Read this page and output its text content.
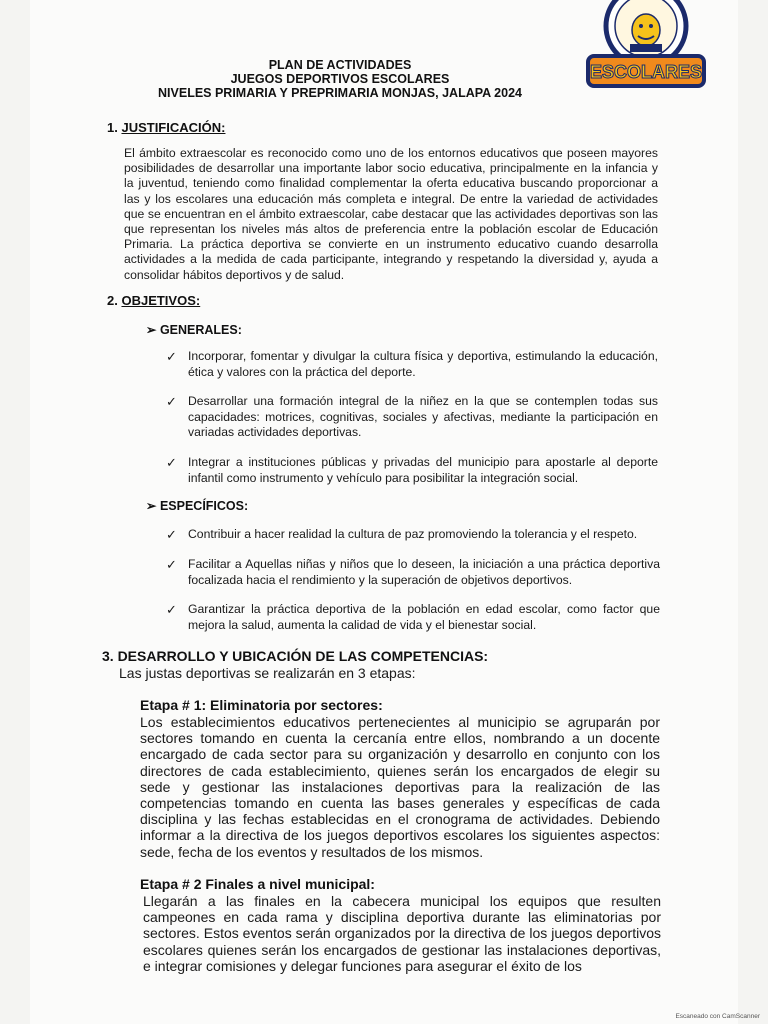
PLAN DE ACTIVIDADES
JUEGOS DEPORTIVOS ESCOLARES
NIVELES PRIMARIA Y PREPRIMARIA MONJAS, JALAPA 2024
ESCOLARES
1. JUSTIFICACIÓN:
El ámbito extraescolar es reconocido como uno de los entornos educativos que poseen mayores posibilidades de desarrollar una importante labor socio educativa, principalmente en la infancia y la juventud, teniendo como finalidad complementar la oferta educativa buscando proporcionar a las y los escolares una educación más completa e integral. De entre la variedad de actividades que se encuentran en el ámbito extraescolar, cabe destacar que las actividades deportivas son las que representan los niveles más altos de preferencia entre la población escolar de Educación Primaria. La práctica deportiva se convierte en un instrumento educativo cuando desarrolla actividades a la medida de cada participante, integrando y respetando la diversidad y, ayuda a consolidar hábitos deportivos y de salud.
2. OBJETIVOS:
➢ GENERALES:
✓ Incorporar, fomentar y divulgar la cultura física y deportiva, estimulando la educación, ética y valores con la práctica del deporte.
✓ Desarrollar una formación integral de la niñez en la que se contemplen todas sus capacidades: motrices, cognitivas, sociales y afectivas, mediante la participación en variadas actividades deportivas.
✓ Integrar a instituciones públicas y privadas del municipio para apostarle al deporte infantil como instrumento y vehículo para posibilitar la integración social.
➢ ESPECÍFICOS:
✓ Contribuir a hacer realidad la cultura de paz promoviendo la tolerancia y el respeto.
✓ Facilitar a Aquellas niñas y niños que lo deseen, la iniciación a una práctica deportiva focalizada hacia el rendimiento y la superación de objetivos deportivos.
✓ Garantizar la práctica deportiva de la población en edad escolar, como factor que mejora la salud, aumenta la calidad de vida y el bienestar social.
3. DESARROLLO Y UBICACIÓN DE LAS COMPETENCIAS:
Las justas deportivas se realizarán en 3 etapas:
Etapa # 1: Eliminatoria por sectores:
Los establecimientos educativos pertenecientes al municipio se agruparán por sectores tomando en cuenta la cercanía entre ellos, nombrando a un docente encargado de cada sector para su organización y desarrollo en conjunto con los directores de cada establecimiento, quienes serán los encargados de elegir su sede y gestionar las instalaciones deportivas para la realización de las competencias tomando en cuenta las bases generales y específicas de cada disciplina y las fechas establecidas en el cronograma de actividades. Debiendo informar a la directiva de los juegos deportivos escolares los siguientes aspectos: sede, fecha de los eventos y resultados de los mismos.
Etapa # 2 Finales a nivel municipal:
Llegarán a las finales en la cabecera municipal los equipos que resulten campeones en cada rama y disciplina deportiva durante las eliminatorias por sectores. Estos eventos serán organizados por la directiva de los juegos deportivos escolares quienes serán los encargados de gestionar las instalaciones deportivas, e integrar comisiones y delegar funciones para asegurar el éxito de los
Escaneado con CamScanner
